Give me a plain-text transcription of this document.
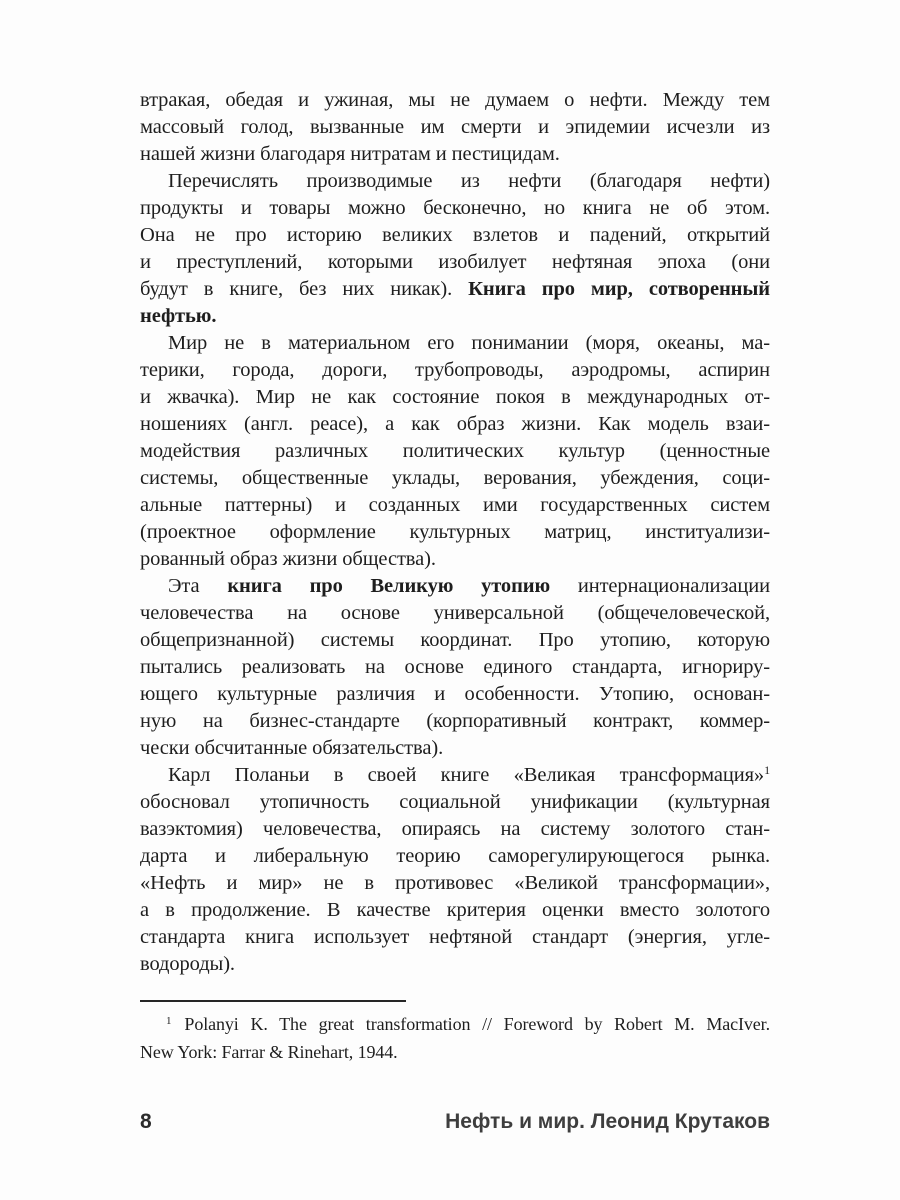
втракая, обедая и ужиная, мы не думаем о нефти. Между тем
массовый голод, вызванные им смерти и эпидемии исчезли из
нашей жизни благодаря нитратам и пестицидам.
Перечислять производимые из нефти (благодаря нефти)
продукты и товары можно бесконечно, но книга не об этом.
Она не про историю великих взлетов и падений, открытий
и преступлений, которыми изобилует нефтяная эпоха (они
будут в книге, без них никак). Книга про мир, сотворенный
нефтью.
Мир не в материальном его понимании (моря, океаны, ма-
терики, города, дороги, трубопроводы, аэродромы, аспирин
и жвачка). Мир не как состояние покоя в международных от-
ношениях (англ. peace), а как образ жизни. Как модель взаи-
модействия различных политических культур (ценностные
системы, общественные уклады, верования, убеждения, соци-
альные паттерны) и созданных ими государственных систем
(проектное оформление культурных матриц, институализи-
рованный образ жизни общества).
Эта книга про Великую утопию интернационализации
человечества на основе универсальной (общечеловеческой,
общепризнанной) системы координат. Про утопию, которую
пытались реализовать на основе единого стандарта, игнориру-
ющего культурные различия и особенности. Утопию, основан-
ную на бизнес-стандарте (корпоративный контракт, коммер-
чески обсчитанные обязательства).
Карл Поланьи в своей книге «Великая трансформация»$^1$
обосновал утопичность социальной унификации (культурная
вазэктомия) человечества, опираясь на систему золотого стан-
дарта и либеральную теорию саморегулирующегося рынка.
«Нефть и мир» не в противовес «Великой трансформации»,
а в продолжение. В качестве критерия оценки вместо золотого
стандарта книга использует нефтяной стандарт (энергия, угле-
водороды).
$^1$ Polanyi K. The great transformation // Foreword by Robert M. MacIver.
New York: Farrar & Rinehart, 1944.
8	Нефть и мир. Леонид Крутаков
